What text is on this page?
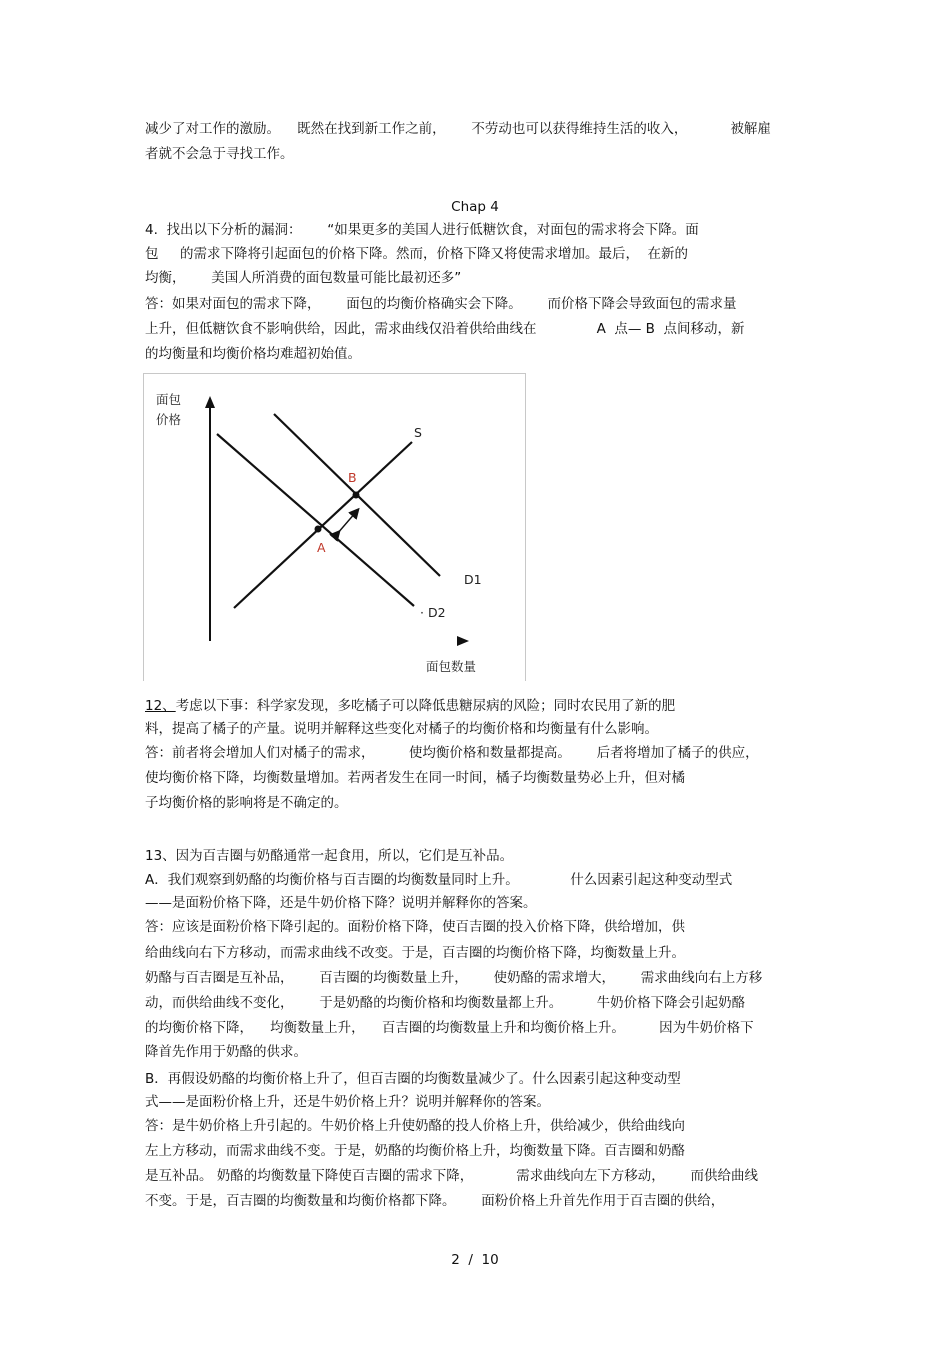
减少了对工作的激励。    既然在找到新工作之前，      不劳动也可以获得维持生活的收入，          被解雇
者就不会急于寻找工作。
Chap 4
4.  找出以下分析的漏洞：      “如果更多的美国人进行低糖饮食，对面包的需求将会下降。面
包     的需求下降将引起面包的价格下降。然而，价格下降又将使需求增加。最后，  在新的
均衡，      美国人所消费的面包数量可能比最初还多”
答：如果对面包的需求下降，      面包的均衡价格确实会下降。      而价格下降会导致面包的需求量
上升，但低糖饮食不影响供给，因此，需求曲线仅沿着供给曲线在              A  点— B  点间移动，新
的均衡量和均衡价格均难超初始值。
面包
价格
面包数量
S
D1
· D2
A
B
12、考虑以下事：科学家发现，多吃橘子可以降低患糖尿病的风险；同时农民用了新的肥
料，提高了橘子的产量。说明并解释这些变化对橘子的均衡价格和均衡量有什么影响。
答：前者将会增加人们对橘子的需求，        使均衡价格和数量都提高。      后者将增加了橘子的供应，
使均衡价格下降，均衡数量增加。若两者发生在同一时间，橘子均衡数量势必上升，但对橘
子均衡价格的影响将是不确定的。
13、因为百吉圈与奶酪通常一起食用，所以，它们是互补品。
A．我们观察到奶酪的均衡价格与百吉圈的均衡数量同时上升。            什么因素引起这种变动型式
——是面粉价格下降，还是牛奶价格下降？说明并解释你的答案。
答：应该是面粉价格下降引起的。面粉价格下降，使百吉圈的投入价格下降，供给增加，供
给曲线向右下方移动，而需求曲线不改变。于是，百吉圈的均衡价格下降，均衡数量上升。
奶酪与百吉圈是互补品，      百吉圈的均衡数量上升，      使奶酪的需求增大，      需求曲线向右上方移
动，而供给曲线不变化，      于是奶酪的均衡价格和均衡数量都上升。        牛奶价格下降会引起奶酪
的均衡价格下降，    均衡数量上升，    百吉圈的均衡数量上升和均衡价格上升。        因为牛奶价格下
降首先作用于奶酪的供求。
B．再假设奶酪的均衡价格上升了，但百吉圈的均衡数量减少了。什么因素引起这种变动型
式——是面粉价格上升，还是牛奶价格上升？说明并解释你的答案。
答：是牛奶价格上升引起的。牛奶价格上升使奶酪的投人价格上升，供给减少，供给曲线向
左上方移动，而需求曲线不变。于是，奶酪的均衡价格上升，均衡数量下降。百吉圈和奶酪
是互补品。 奶酪的均衡数量下降使百吉圈的需求下降，          需求曲线向左下方移动，      而供给曲线
不变。于是，百吉圈的均衡数量和均衡价格都下降。      面粉价格上升首先作用于百吉圈的供给，
2  /  10
